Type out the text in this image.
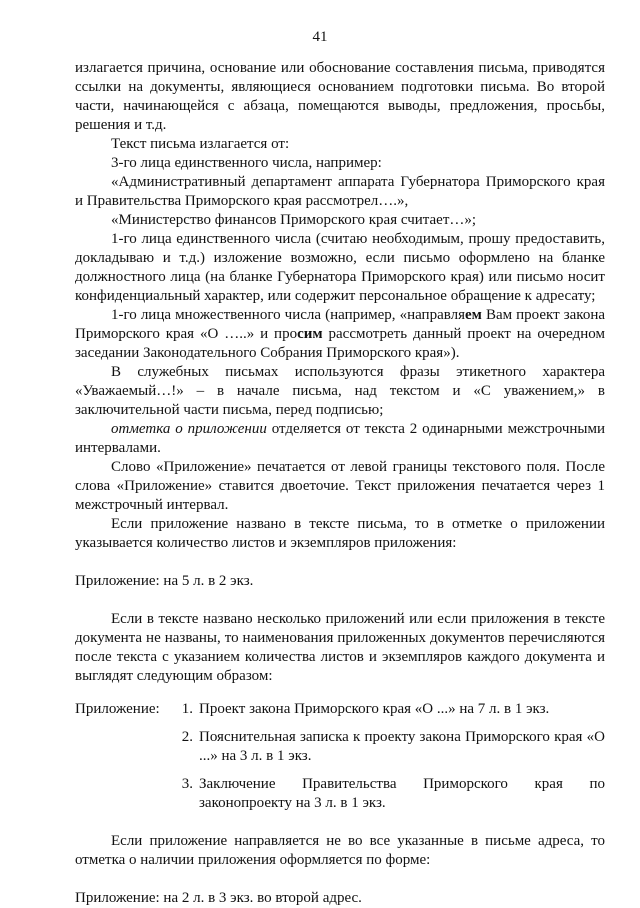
41

излагается причина, основание или обоснование составления письма, приводятся ссылки на документы, являющиеся основанием подготовки письма. Во второй части, начинающейся с абзаца, помещаются выводы, предложения, просьбы, решения и т.д.

Текст письма излагается от:

3-го лица единственного числа, например:

«Административный департамент аппарата Губернатора Приморского края и Правительства Приморского края рассмотрел….»,

«Министерство финансов Приморского края считает…»;

1-го лица единственного числа (считаю необходимым, прошу предоставить, докладываю и т.д.) изложение возможно, если письмо оформлено на бланке должностного лица (на бланке Губернатора Приморского края) или письмо носит конфиденциальный характер, или содержит персональное обращение к адресату;

1-го лица множественного числа (например, «направляем Вам проект закона Приморского края «О …..» и просим рассмотреть данный проект на очередном заседании Законодательного Собрания Приморского края»).

В служебных письмах используются фразы этикетного характера «Уважаемый…!» – в начале письма, над текстом и «С уважением,» в заключительной части письма, перед подписью;

отметка о приложении отделяется от текста 2 одинарными межстрочными интервалами.

Слово «Приложение» печатается от левой границы текстового поля. После слова «Приложение» ставится двоеточие. Текст приложения печатается через 1 межстрочный интервал.

Если приложение названо в тексте письма, то в отметке о приложении указывается количество листов и экземпляров приложения:

Приложение: на 5 л. в 2 экз.

Если в тексте названо несколько приложений или если приложения в тексте документа не названы, то наименования приложенных документов перечисляются после текста с указанием количества листов и экземпляров каждого документа и выглядят следующим образом:

Приложение:	1. Проект закона Приморского края «О ...» на 7 л. в 1 экз.
2. Пояснительная записка к проекту закона Приморского края «О ...» на 3 л. в 1 экз.
3. Заключение Правительства Приморского края по законопроекту на 3 л. в 1 экз.

Если приложение направляется не во все указанные в письме адреса, то отметка о наличии приложения оформляется по форме:

Приложение: на 2 л. в 3 экз. во второй адрес.
